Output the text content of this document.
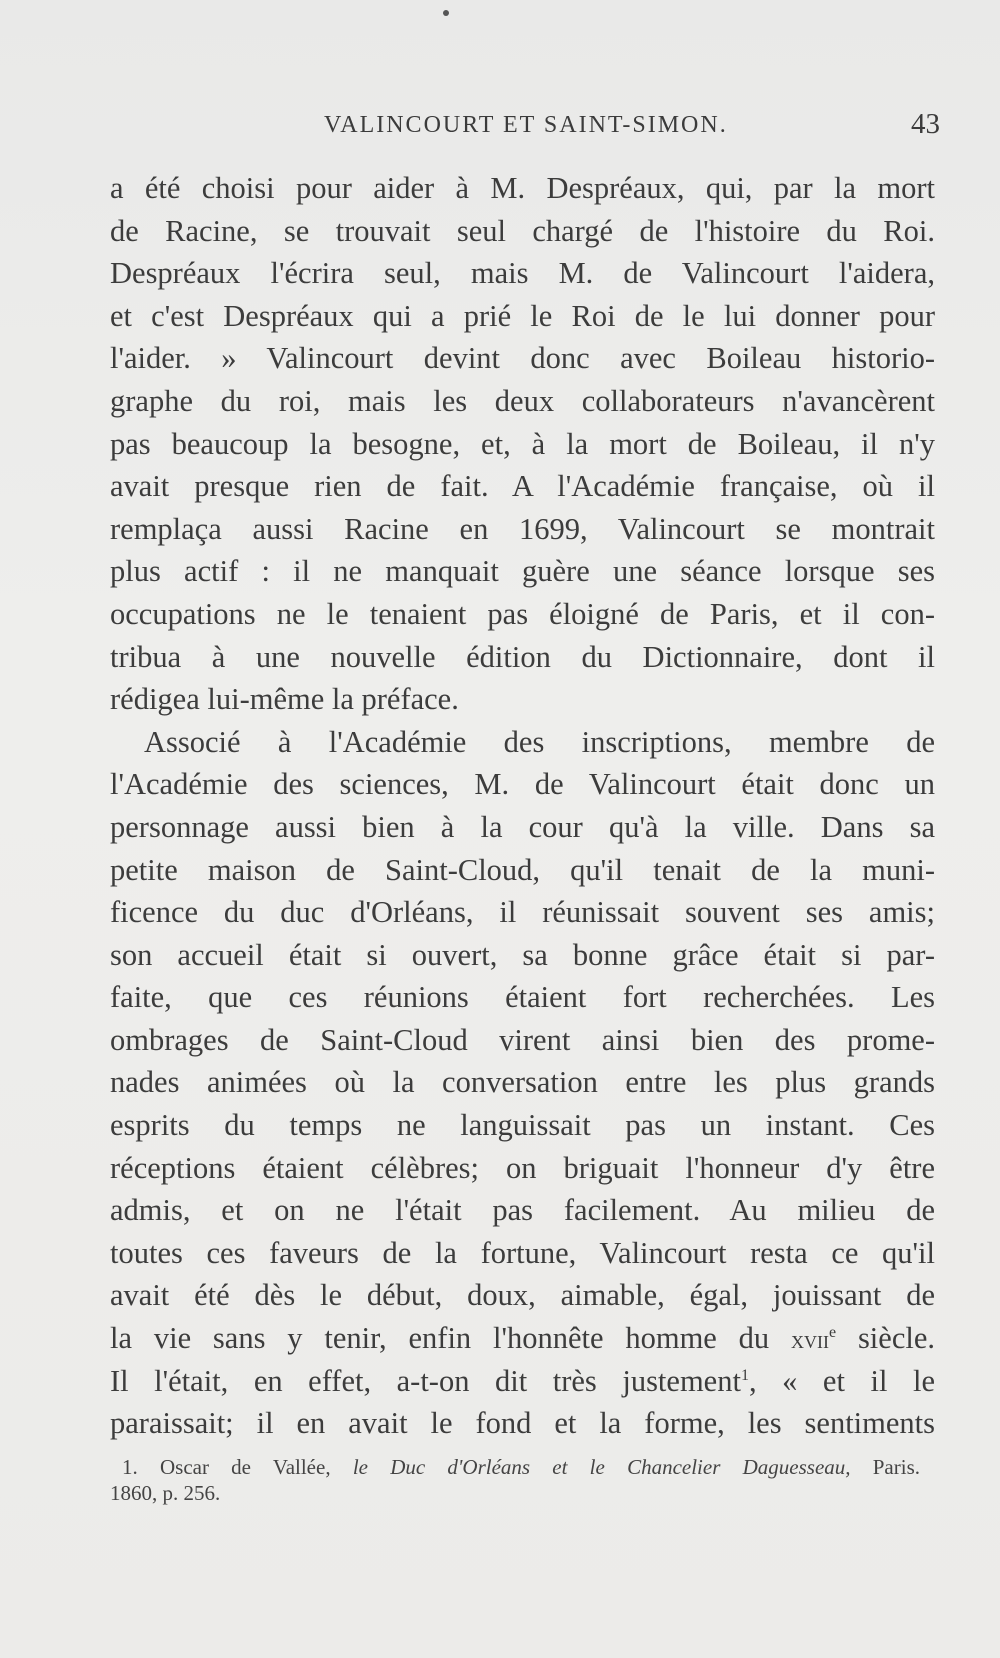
VALINCOURT ET SAINT-SIMON.	43
a été choisi pour aider à M. Despréaux, qui, par la mort
de Racine, se trouvait seul chargé de l'histoire du Roi.
Despréaux l'écrira seul, mais M. de Valincourt l'aidera,
et c'est Despréaux qui a prié le Roi de le lui donner pour
l'aider. » Valincourt devint donc avec Boileau historio-
graphe du roi, mais les deux collaborateurs n'avancèrent
pas beaucoup la besogne, et, à la mort de Boileau, il n'y
avait presque rien de fait. A l'Académie française, où il
remplaça aussi Racine en 1699, Valincourt se montrait
plus actif : il ne manquait guère une séance lorsque ses
occupations ne le tenaient pas éloigné de Paris, et il con-
tribua à une nouvelle édition du Dictionnaire, dont il
rédigea lui-même la préface.
Associé à l'Académie des inscriptions, membre de
l'Académie des sciences, M. de Valincourt était donc un
personnage aussi bien à la cour qu'à la ville. Dans sa
petite maison de Saint-Cloud, qu'il tenait de la muni-
ficence du duc d'Orléans, il réunissait souvent ses amis;
son accueil était si ouvert, sa bonne grâce était si par-
faite, que ces réunions étaient fort recherchées. Les
ombrages de Saint-Cloud virent ainsi bien des prome-
nades animées où la conversation entre les plus grands
esprits du temps ne languissait pas un instant. Ces
réceptions étaient célèbres; on briguait l'honneur d'y être
admis, et on ne l'était pas facilement. Au milieu de
toutes ces faveurs de la fortune, Valincourt resta ce qu'il
avait été dès le début, doux, aimable, égal, jouissant de
la vie sans y tenir, enfin l'honnête homme du xvii$^e$ siècle.
Il l'était, en effet, a-t-on dit très justement$^1$, « et il le
paraissait; il en avait le fond et la forme, les sentiments
1. Oscar de Vallée, le Duc d'Orléans et le Chancelier Daguesseau, Paris.
1860, p. 256.
